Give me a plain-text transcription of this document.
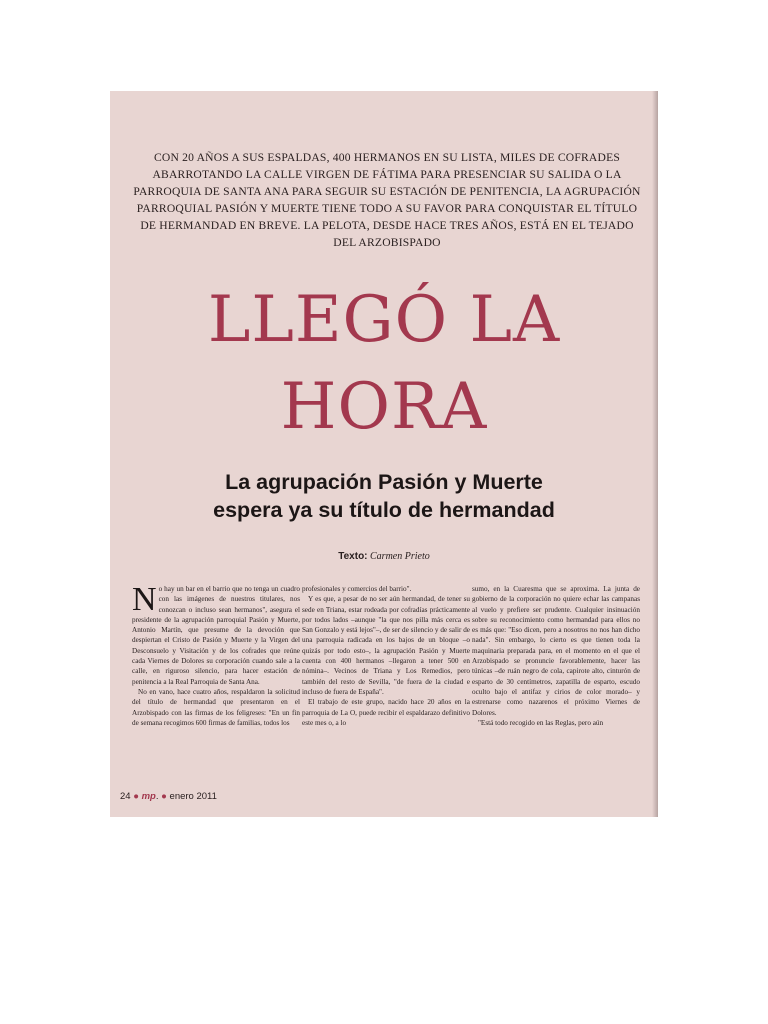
CON 20 AÑOS A SUS ESPALDAS, 400 HERMANOS EN SU LISTA, MILES DE COFRADES ABARROTANDO LA CALLE VIRGEN DE FÁTIMA PARA PRESENCIAR SU SALIDA O LA PARROQUIA DE SANTA ANA PARA SEGUIR SU ESTACIÓN DE PENITENCIA, LA AGRUPACIÓN PARROQUIAL PASIÓN Y MUERTE TIENE TODO A SU FAVOR PARA CONQUISTAR EL TÍTULO DE HERMANDAD EN BREVE. LA PELOTA, DESDE HACE TRES AÑOS, ESTÁ EN EL TEJADO DEL ARZOBISPADO
LLEGÓ LA
HORA
La agrupación Pasión y Muerte
espera ya su título de hermandad
Texto: Carmen Prieto

No hay un bar en el barrio que no tenga un cuadro con las imágenes de nuestros titulares, nos conozcan o incluso sean hermanos", asegura el presidente de la agrupación parroquial Pasión y Muerte, Antonio Martín, que presume de la devoción que despiertan el Cristo de Pasión y Muerte y la Virgen del Desconsuelo y Visitación y de los cofrades que reúne cada Viernes de Dolores su corporación cuando sale a la calle, en riguroso silencio, para hacer estación de penitencia a la Real Parroquia de Santa Ana.

No en vano, hace cuatro años, respaldaron la solicitud del título de hermandad que presentaron en el Arzobispado con las firmas de los feligreses: "En un fin de semana recogimos 600 firmas de familias, todos los

profesionales y comercios del barrio".

Y es que, a pesar de no ser aún hermandad, de tener su sede en Triana, estar rodeada por cofradías prácticamente por todos lados –aunque "la que nos pilla más cerca es San Gonzalo y está lejos"–, de ser de silencio y de salir de una parroquia radicada en los bajos de un bloque –o quizás por todo esto–, la agrupación Pasión y Muerte cuenta con 400 hermanos –llegaron a tener 500 en nómina–. Vecinos de Triana y Los Remedios, pero también del resto de Sevilla, "de fuera de la ciudad e incluso de fuera de España".

El trabajo de este grupo, nacido hace 20 años en la parroquia de La O, puede recibir el espaldarazo definitivo este mes o, a lo

sumo, en la Cuaresma que se aproxima. La junta de gobierno de la corporación no quiere echar las campanas al vuelo y prefiere ser prudente. Cualquier insinuación sobre su reconocimiento como hermandad para ellos no es más que: "Eso dicen, pero a nosotros no nos han dicho nada". Sin embargo, lo cierto es que tienen toda la maquinaria preparada para, en el momento en el que el Arzobispado se pronuncie favorablemente, hacer las túnicas –de ruán negro de cola, capirote alto, cinturón de esparto de 30 centímetros, zapatilla de esparto, escudo oculto bajo el antifaz y cirios de color morado– y estrenarse como nazarenos el próximo Viernes de Dolores.

"Está todo recogido en las Reglas, pero aún

24 ● mp. ● enero 2011
